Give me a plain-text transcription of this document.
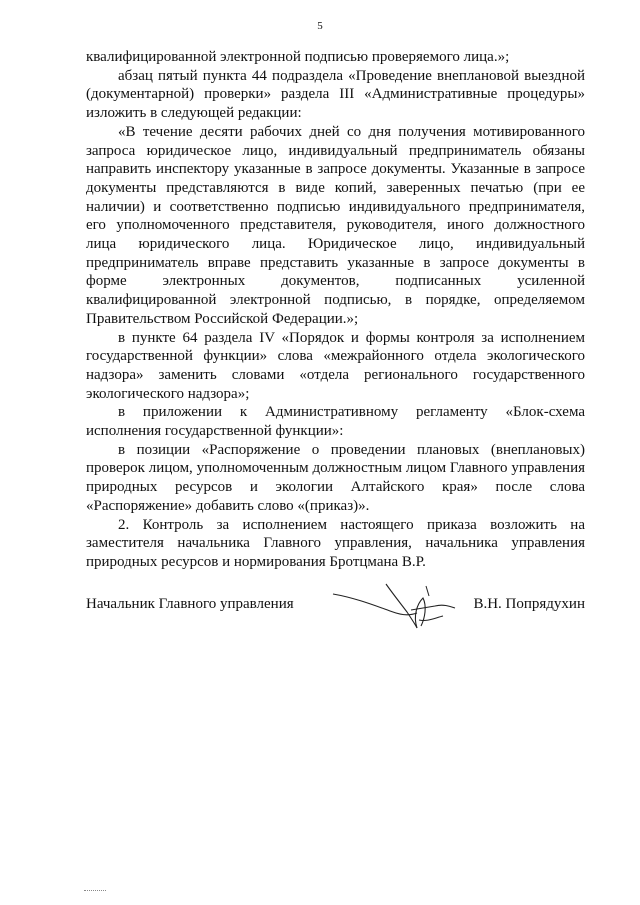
5

квалифицированной электронной подписью проверяемого лица.»;

абзац пятый пункта 44 подраздела «Проведение внеплановой выездной (документарной) проверки» раздела III «Административные процедуры» изложить в следующей редакции:

«В течение десяти рабочих дней со дня получения мотивированного запроса юридическое лицо, индивидуальный предприниматель обязаны направить инспектору указанные в запросе документы. Указанные в запросе документы представляются в виде копий, заверенных печатью (при ее наличии) и соответственно подписью индивидуального предпринимателя, его уполномоченного представителя, руководителя, иного должностного лица юридического лица. Юридическое лицо, индивидуальный предприниматель вправе представить указанные в запросе документы в форме электронных документов, подписанных усиленной квалифицированной электронной подписью, в порядке, определяемом Правительством Российской Федерации.»;

в пункте 64 раздела IV «Порядок и формы контроля за исполнением государственной функции» слова «межрайонного отдела экологического надзора» заменить словами «отдела регионального государственного экологического надзора»;

в приложении к Административному регламенту «Блок-схема исполнения государственной функции»:

в позиции «Распоряжение о проведении плановых (внеплановых) проверок лицом, уполномоченным должностным лицом Главного управления природных ресурсов и экологии Алтайского края» после слова «Распоряжение» добавить слово «(приказ)».

2. Контроль за исполнением настоящего приказа возложить на заместителя начальника Главного управления, начальника управления природных ресурсов и нормирования Бротцмана В.Р.

Начальник Главного управления	В.Н. Попрядухин
